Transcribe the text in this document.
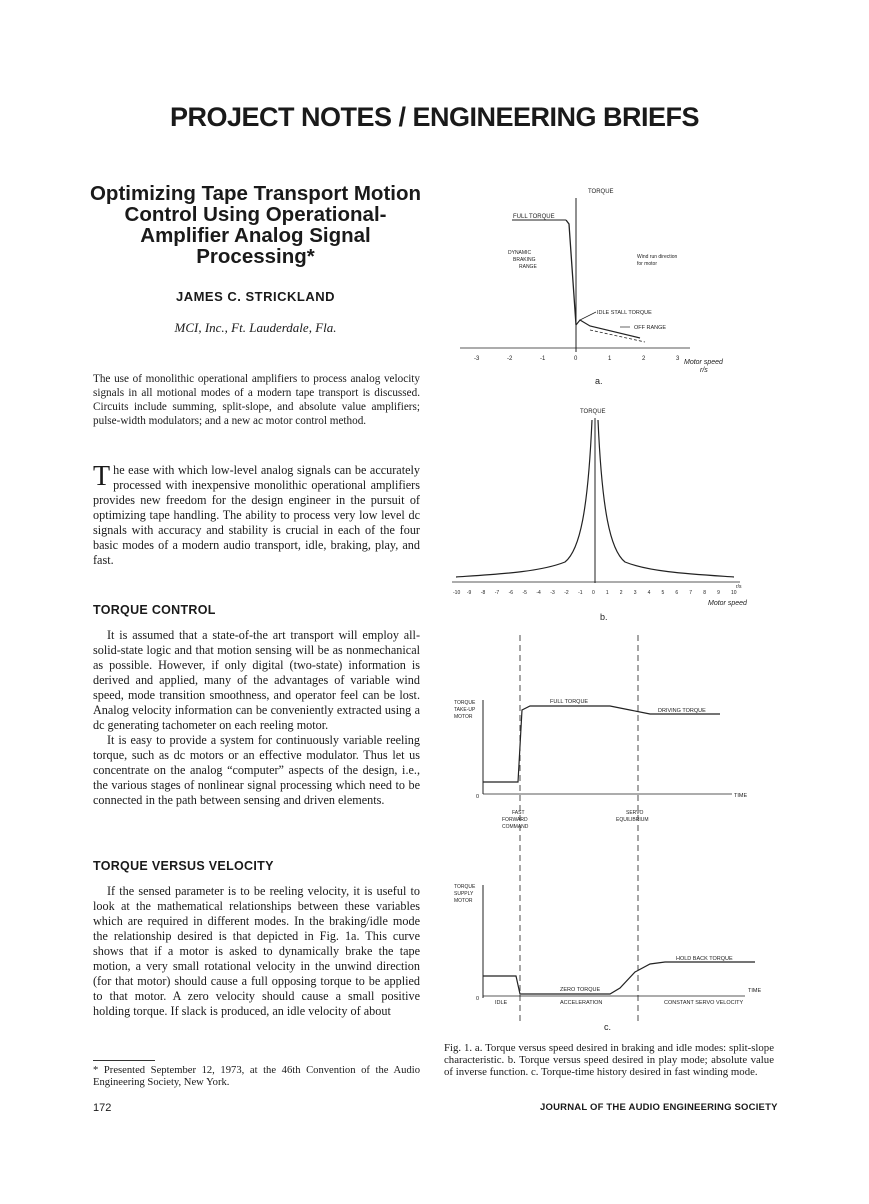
PROJECT NOTES / ENGINEERING BRIEFS
Optimizing Tape Transport Motion
Control Using Operational-
Amplifier Analog Signal
Processing*
JAMES C. STRICKLAND
MCI, Inc., Ft. Lauderdale, Fla.
The use of monolithic operational amplifiers to process analog velocity signals in all motional modes of a modern tape transport is discussed. Circuits include summing, split-slope, and absolute value amplifiers; pulse-width modulators; and a new ac motor control method.

The ease with which low-level analog signals can be accurately processed with inexpensive monolithic operational amplifiers provides new freedom for the design engineer in the pursuit of optimizing tape handling. The ability to process very low level dc signals with accuracy and stability is crucial in each of the four basic modes of a modern audio transport, idle, braking, play, and fast.

TORQUE CONTROL

It is assumed that a state-of-the art transport will employ all-solid-state logic and that motion sensing will be as nonmechanical as possible. However, if only digital (two-state) information is derived and applied, many of the advantages of variable wind speed, mode transition smoothness, and operator feel can be lost. Analog velocity information can be conveniently extracted using a dc generating tachometer on each reeling motor.

It is easy to provide a system for continuously variable reeling torque, such as dc motors or an effective modulator. Thus let us concentrate on the analog “computer” aspects of the design, i.e., the various stages of nonlinear signal processing which need to be connected in the path between sensing and driven elements.

TORQUE VERSUS VELOCITY

If the sensed parameter is to be reeling velocity, it is useful to look at the mathematical relationships between these variables which are required in different modes. In the braking/idle mode the relationship desired is that depicted in Fig. 1a. This curve shows that if a motor is asked to dynamically brake the tape motion, a very small rotational velocity in the unwind direction (for that motor) should cause a full opposing torque to be applied to that motor. A zero velocity should cause a small positive holding torque. If slack is produced, an idle velocity of about

* Presented September 12, 1973, at the 46th Convention of the Audio Engineering Society, New York.
172	JOURNAL OF THE AUDIO ENGINEERING SOCIETY
TORQUE
FULL TORQUE
DYNAMIC
BRAKING
RANGE
Wind run direction
for motor
IDLE STALL TORQUE
OFF RANGE
-3	-2	-1	0	1	2	3 Motor speed
r/s
a.
TORQUE
-10 -9 -8 -7 -6 -5 -4 -3 -2 -1 0 1 2 3 4 5 6 7 8 9 10
r/s
Motor speed
b.
TORQUE
TAKE-UP
MOTOR
FULL TORQUE
DRIVING TORQUE
0	TIME
FAST
FORWARD
COMMAND
SERVO
EQUILIBRIUM
TORQUE
SUPPLY
MOTOR
HOLD BACK TORQUE
ZERO TORQUE
0
TIME
IDLE	ACCELERATION	CONSTANT SERVO VELOCITY
c.
Fig. 1. a. Torque versus speed desired in braking and idle modes: split-slope characteristic. b. Torque versus speed desired in play mode; absolute value of inverse function. c. Torque-time history desired in fast winding mode.
